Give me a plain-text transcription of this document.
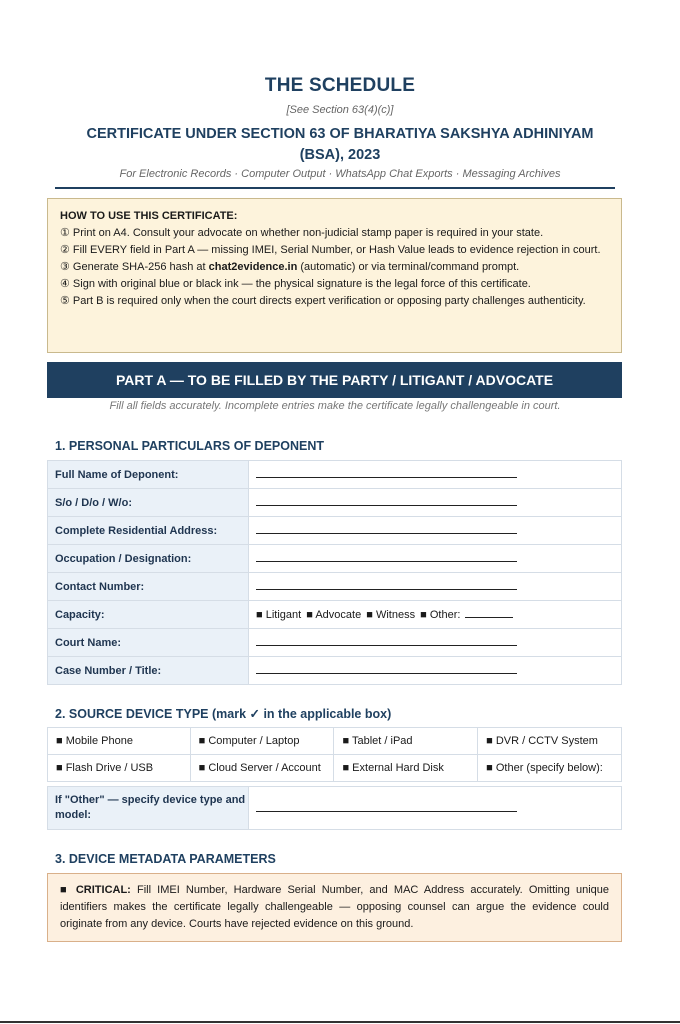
THE SCHEDULE
[See Section 63(4)(c)]
CERTIFICATE UNDER SECTION 63 OF BHARATIYA SAKSHYA ADHINIYAM (BSA), 2023
For Electronic Records · Computer Output · WhatsApp Chat Exports · Messaging Archives

HOW TO USE THIS CERTIFICATE:

① Print on A4. Consult your advocate on whether non-judicial stamp paper is required in your state.

② Fill EVERY field in Part A — missing IMEI, Serial Number, or Hash Value leads to evidence rejection in court.

③ Generate SHA-256 hash at chat2evidence.in (automatic) or via terminal/command prompt.

④ Sign with original blue or black ink — the physical signature is the legal force of this certificate.

⑤ Part B is required only when the court directs expert verification or opposing party challenges authenticity.

PART A — TO BE FILLED BY THE PARTY / LITIGANT / ADVOCATE
Fill all fields accurately. Incomplete entries make the certificate legally challengeable in court.
1. PERSONAL PARTICULARS OF DEPONENT
Full Name of Deponent:	
S/o / D/o / W/o:	
Complete Residential Address:	
Occupation / Designation:	
Contact Number:	
Capacity:	■ Litigant ■ Advocate ■ Witness ■ Other:
Court Name:	
Case Number / Title:	
2. SOURCE DEVICE TYPE (mark ✓ in the applicable box)
■ Mobile Phone	■ Computer / Laptop	■ Tablet / iPad	■ DVR / CCTV System
■ Flash Drive / USB	■ Cloud Server / Account	■ External Hard Disk	■ Other (specify below):
If "Other" — specify device type and model:	
3. DEVICE METADATA PARAMETERS
■ CRITICAL: Fill IMEI Number, Hardware Serial Number, and MAC Address accurately. Omitting unique identifiers makes the certificate legally challengeable — opposing counsel can argue the evidence could originate from any device. Courts have rejected evidence on this ground.
